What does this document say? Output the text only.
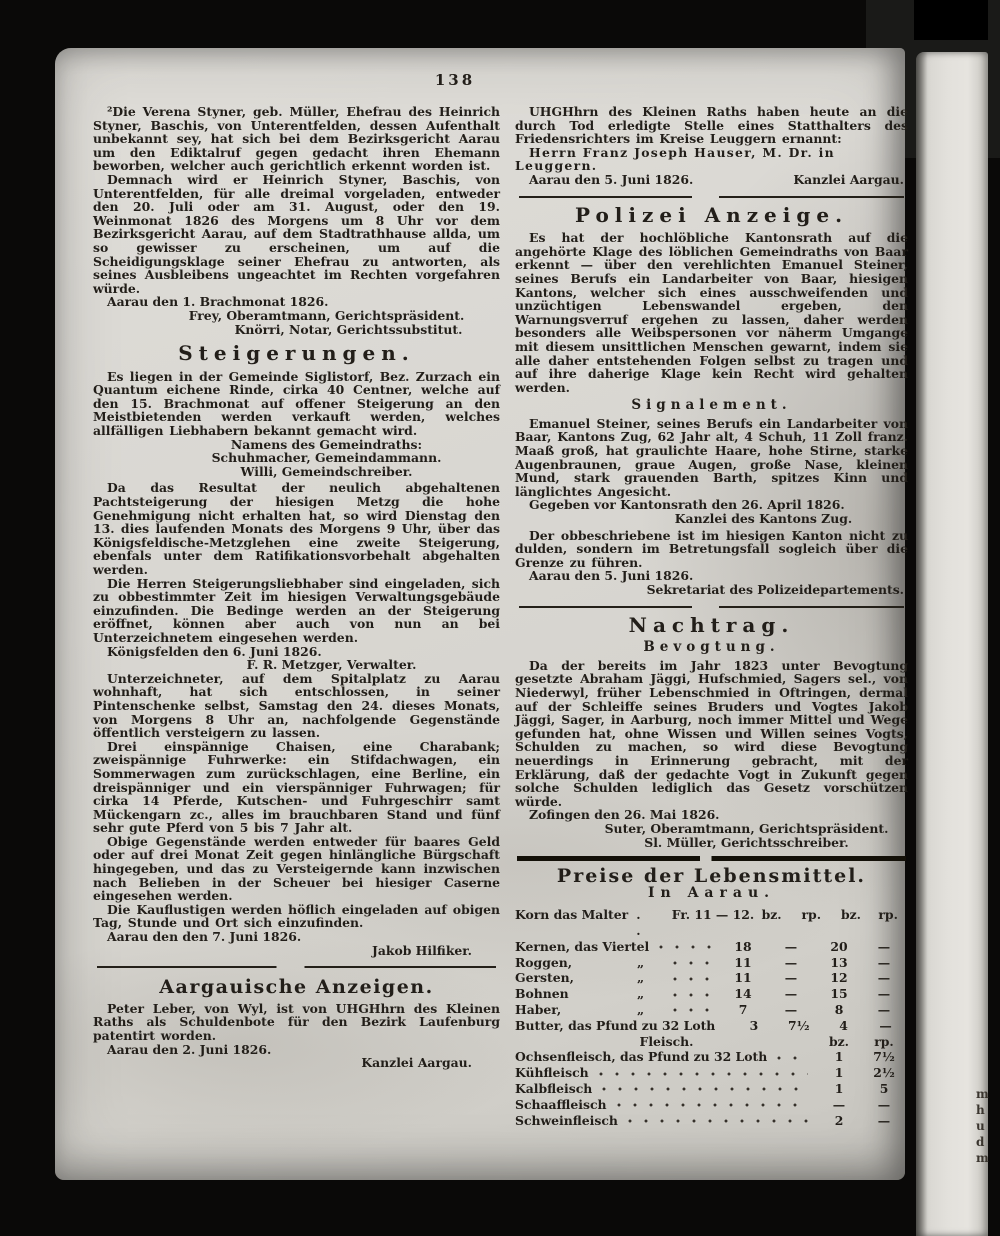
138

²Die Verena Styner, geb. Müller, Ehefrau des Heinrich Styner, Baschis, von Unterentfelden, dessen Aufenthalt unbekannt sey, hat sich bei dem Bezirksgericht Aarau um den Ediktalruf gegen gedacht ihren Ehemann beworben, welcher auch gerichtlich erkennt worden ist.

Demnach wird er Heinrich Styner, Baschis, von Unterentfelden, für alle dreimal vorgeladen, entweder den 20. Juli oder am 31. August, oder den 19. Weinmonat 1826 des Morgens um 8 Uhr vor dem Bezirksgericht Aarau, auf dem Stadtrathhause allda, um so gewisser zu erscheinen, um auf die Scheidigungsklage seiner Ehefrau zu antworten, als seines Ausbleibens ungeachtet im Rechten vorgefahren würde.

Aarau den 1. Brachmonat 1826.

Frey, Oberamtmann, Gerichtspräsident.

Knörri, Notar, Gerichtssubstitut.

Steigerungen.

Es liegen in der Gemeinde Siglistorf, Bez. Zurzach ein Quantum eichene Rinde, cirka 40 Centner, welche auf den 15. Brachmonat auf offener Steigerung an den Meistbietenden werden verkauft werden, welches allfälligen Liebhabern bekannt gemacht wird.

Namens des Gemeindraths:

Schuhmacher, Gemeindammann.

Willi, Gemeindschreiber.

Da das Resultat der neulich abgehaltenen Pachtsteigerung der hiesigen Metzg die hohe Genehmigung nicht erhalten hat, so wird Dienstag den 13. dies laufenden Monats des Morgens 9 Uhr, über das Königsfeldische-Metzglehen eine zweite Steigerung, ebenfals unter dem Ratifikationsvorbehalt abgehalten werden.

Die Herren Steigerungsliebhaber sind eingeladen, sich zu obbestimmter Zeit im hiesigen Verwaltungsgebäude einzufinden. Die Bedinge werden an der Steigerung eröffnet, können aber auch von nun an bei Unterzeichnetem eingesehen werden.

Königsfelden den 6. Juni 1826.

F. R. Metzger, Verwalter.

Unterzeichneter, auf dem Spitalplatz zu Aarau wohnhaft, hat sich entschlossen, in seiner Pintenschenke selbst, Samstag den 24. dieses Monats, von Morgens 8 Uhr an, nachfolgende Gegenstände öffentlich versteigern zu lassen.

Drei einspännige Chaisen, eine Charabank; zweispännige Fuhrwerke: ein Stifdachwagen, ein Sommerwagen zum zurückschlagen, eine Berline, ein dreispänniger und ein vierspänniger Fuhrwagen; für cirka 14 Pferde, Kutschen- und Fuhrgeschirr samt Mückengarn zc., alles im brauchbaren Stand und fünf sehr gute Pferd von 5 bis 7 Jahr alt.

Obige Gegenstände werden entweder für baares Geld oder auf drei Monat Zeit gegen hinlängliche Bürgschaft hingegeben, und das zu Versteigernde kann inzwischen nach Belieben in der Scheuer bei hiesiger Caserne eingesehen werden.

Die Kauflustigen werden höflich eingeladen auf obigen Tag, Stunde und Ort sich einzufinden.

Aarau den den 7. Juni 1826.

Jakob Hilfiker.

Aargauische Anzeigen.

Peter Leber, von Wyl, ist von UHGHhrn des Kleinen Raths als Schuldenbote für den Bezirk Laufenburg patentirt worden.

Aarau den 2. Juni 1826.

Kanzlei Aargau.

UHGHhrn des Kleinen Raths haben heute an die durch Tod erledigte Stelle eines Statthalters des Friedensrichters im Kreise Leuggern ernannt:

Herrn Franz Joseph Hauser, M. Dr. in Leuggern.

Aarau den 5. Juni 1826.	Kanzlei Aargau.

Polizei Anzeige.

Es hat der hochlöbliche Kantonsrath auf die angehörte Klage des löblichen Gemeindraths von Baar erkennt — über den verehlichten Emanuel Steiner, seines Berufs ein Landarbeiter von Baar, hiesigen Kantons, welcher sich eines ausschweifenden und unzüchtigen Lebenswandel ergeben, den Warnungsverruf ergehen zu lassen, daher werden besonders alle Weibspersonen vor näherm Umgange mit diesem unsittlichen Menschen gewarnt, indem sie alle daher entstehenden Folgen selbst zu tragen und auf ihre daherige Klage kein Recht wird gehalten werden.

Signalement.

Emanuel Steiner, seines Berufs ein Landarbeiter von Baar, Kantons Zug, 62 Jahr alt, 4 Schuh, 11 Zoll franz. Maaß groß, hat graulichte Haare, hohe Stirne, starke Augenbraunen, graue Augen, große Nase, kleinen Mund, stark grauenden Barth, spitzes Kinn und länglichtes Angesicht.

Gegeben vor Kantonsrath den 26. April 1826.

Kanzlei des Kantons Zug.

Der obbeschriebene ist im hiesigen Kanton nicht zu dulden, sondern im Betretungsfall sogleich über die Grenze zu führen.

Aarau den 5. Juni 1826.

Sekretariat des Polizeidepartements.

Nachtrag.
Bevogtung.

Da der bereits im Jahr 1823 unter Bevogtung gesetzte Abraham Jäggi, Hufschmied, Sagers sel., von Niederwyl, früher Lebenschmied in Oftringen, dermal auf der Schleiffe seines Bruders und Vogtes Jakob Jäggi, Sager, in Aarburg, noch immer Mittel und Wege gefunden hat, ohne Wissen und Willen seines Vogts, Schulden zu machen, so wird diese Bevogtung neuerdings in Erinnerung gebracht, mit der Erklärung, daß der gedachte Vogt in Zukunft gegen solche Schulden lediglich das Gesetz vorschützen würde.

Zofingen den 26. Mai 1826.

Suter, Oberamtmann, Gerichtspräsident.

Sl. Müller, Gerichtsschreiber.

Preise der Lebensmittel.
In Aarau.
Korn das Malter . .
Fr. 11 — 12. bz.	rp.	bz.	rp.
Kernen, das Viertel	18	—	20	—
Roggen,	„	11	—	13	—
Gersten,	„	11	—	12	—
Bohnen	„	14	—	15	—
Haber,	„	7	—	8	—
Butter, das Pfund zu 32 Loth	3	7½	4	—
Fleisch.	bz.	rp.
Ochsenfleisch, das Pfund zu 32 Loth	1	7½
Kühfleisch	1	2½
Kalbfleisch	1	5
Schaaffleisch	—	—
Schweinfleisch	2	—
m
h
u
d
m
